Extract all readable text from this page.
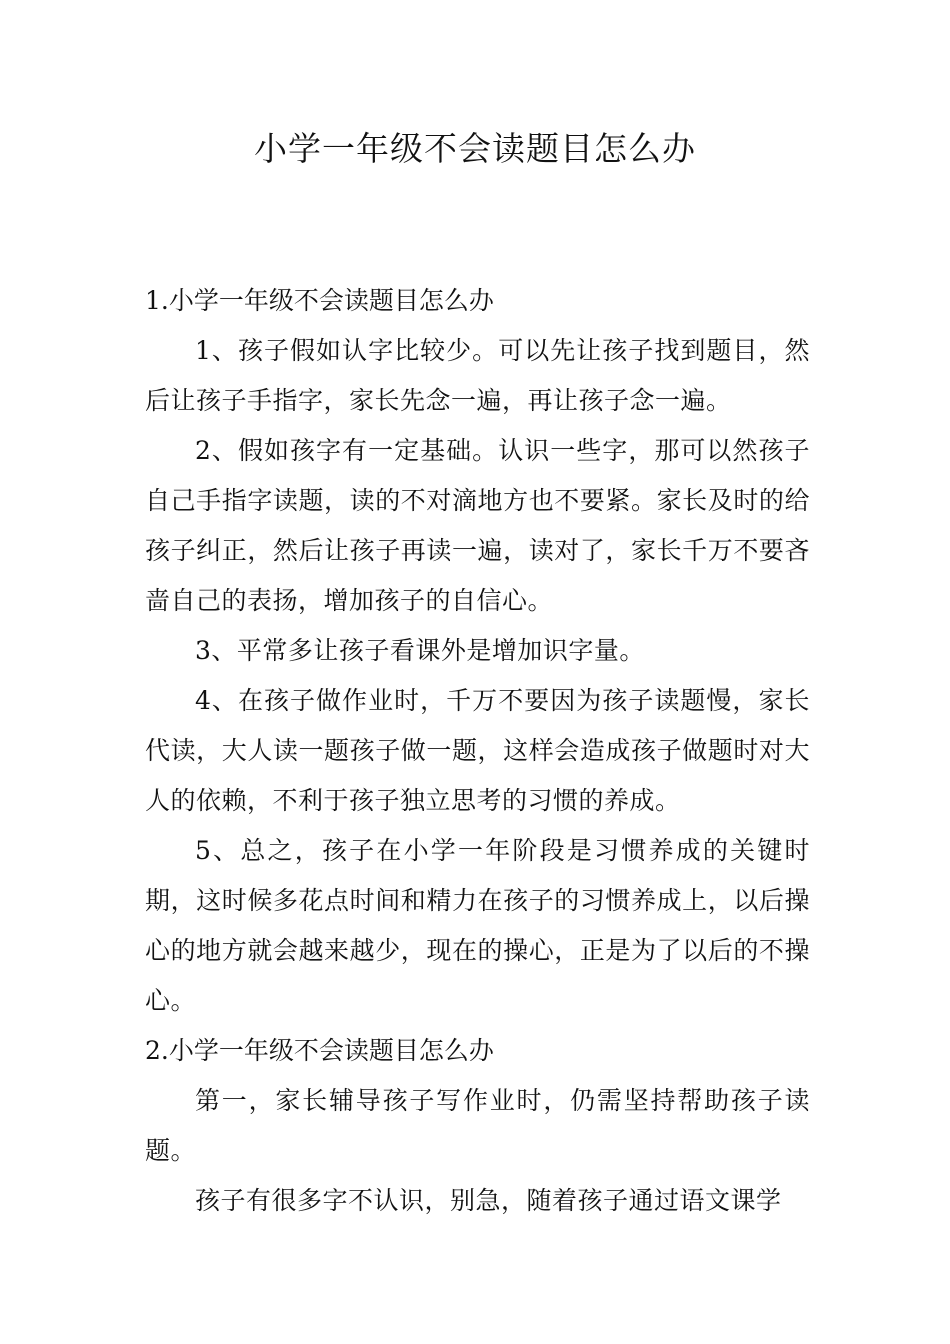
小学一年级不会读题目怎么办

1.小学一年级不会读题目怎么办

1、孩子假如认字比较少。可以先让孩子找到题目，然后让孩子手指字，家长先念一遍，再让孩子念一遍。

2、假如孩字有一定基础。认识一些字，那可以然孩子自己手指字读题，读的不对滴地方也不要紧。家长及时的给孩子纠正，然后让孩子再读一遍，读对了，家长千万不要吝啬自己的表扬，增加孩子的自信心。

3、平常多让孩子看课外是增加识字量。

4、在孩子做作业时，千万不要因为孩子读题慢，家长代读，大人读一题孩子做一题，这样会造成孩子做题时对大人的依赖，不利于孩子独立思考的习惯的养成。

5、总之，孩子在小学一年阶段是习惯养成的关键时期，这时候多花点时间和精力在孩子的习惯养成上，以后操心的地方就会越来越少，现在的操心，正是为了以后的不操心。

2.小学一年级不会读题目怎么办

第一，家长辅导孩子写作业时，仍需坚持帮助孩子读题。

孩子有很多字不认识，别急，随着孩子通过语文课学
